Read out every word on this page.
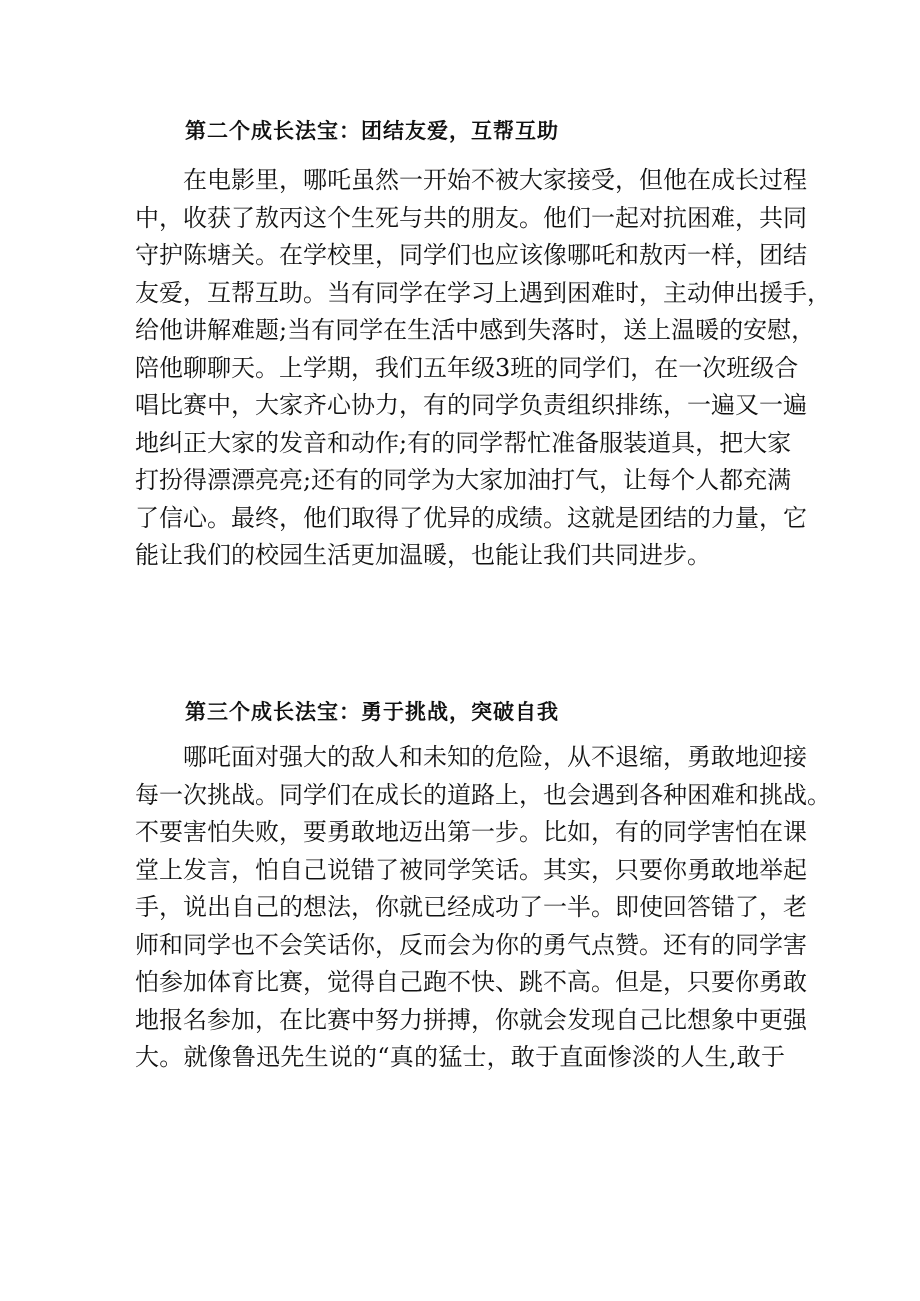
第二个成长法宝：团结友爱，互帮互助
在电影里，哪吒虽然一开始不被大家接受，但他在成长过程
中，收获了敖丙这个生死与共的朋友。他们一起对抗困难，共同
守护陈塘关。在学校里，同学们也应该像哪吒和敖丙一样，团结
友爱，互帮互助。当有同学在学习上遇到困难时，主动伸出援手，
给他讲解难题;当有同学在生活中感到失落时，送上温暖的安慰，
陪他聊聊天。上学期，我们五年级3班的同学们，在一次班级合
唱比赛中，大家齐心协力，有的同学负责组织排练，一遍又一遍
地纠正大家的发音和动作;有的同学帮忙准备服装道具，把大家
打扮得漂漂亮亮;还有的同学为大家加油打气，让每个人都充满
了信心。最终，他们取得了优异的成绩。这就是团结的力量，它
能让我们的校园生活更加温暖，也能让我们共同进步。
第三个成长法宝：勇于挑战，突破自我
哪吒面对强大的敌人和未知的危险，从不退缩，勇敢地迎接
每一次挑战。同学们在成长的道路上，也会遇到各种困难和挑战。
不要害怕失败，要勇敢地迈出第一步。比如，有的同学害怕在课
堂上发言，怕自己说错了被同学笑话。其实，只要你勇敢地举起
手，说出自己的想法，你就已经成功了一半。即使回答错了，老
师和同学也不会笑话你，反而会为你的勇气点赞。还有的同学害
怕参加体育比赛，觉得自己跑不快、跳不高。但是，只要你勇敢
地报名参加，在比赛中努力拼搏，你就会发现自己比想象中更强
大。就像鲁迅先生说的“真的猛士，敢于直面惨淡的人生,敢于
